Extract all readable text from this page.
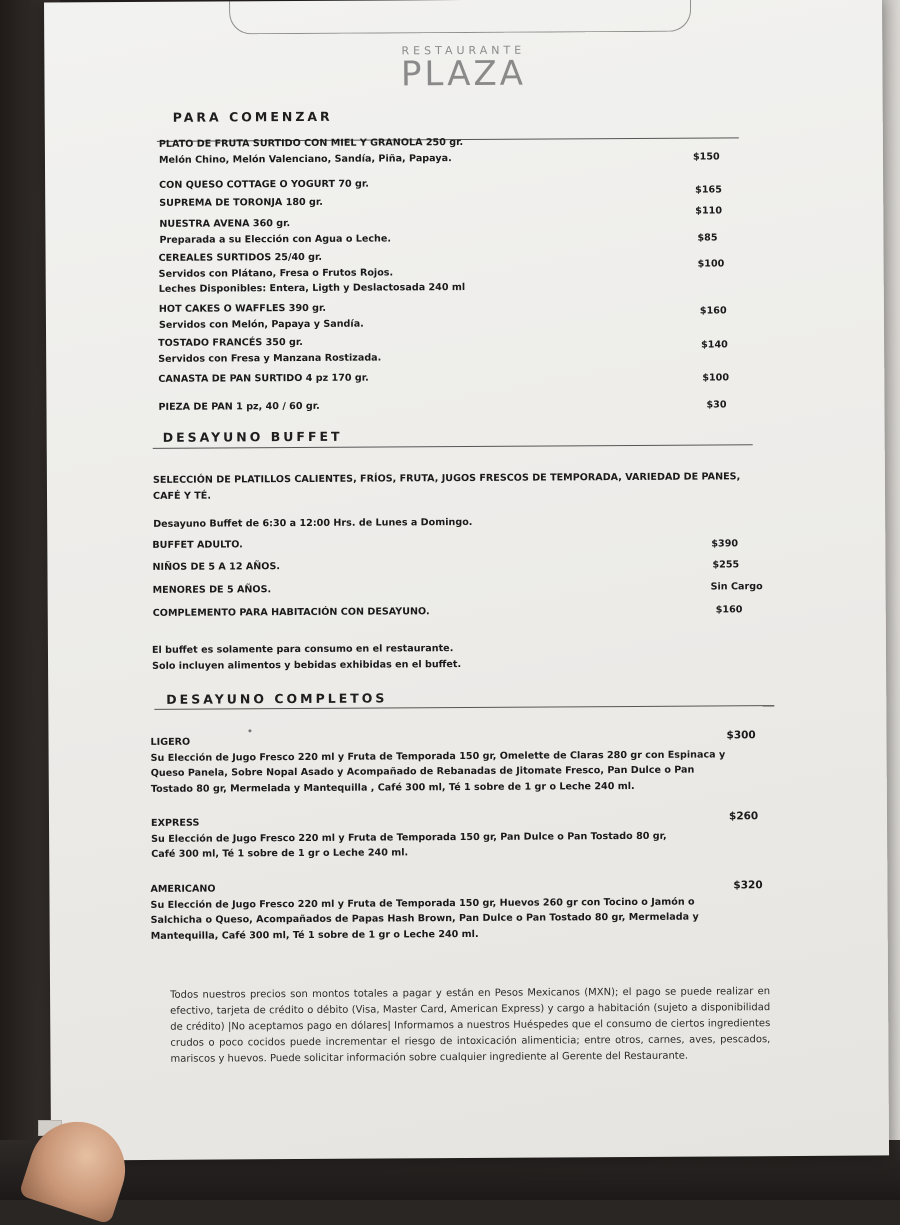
RESTAURANTE
PLAZA
PARA COMENZAR
PLATO DE FRUTA SURTIDO CON MIEL Y GRANOLA 250 gr.
Melón Chino, Melón Valenciano, Sandía, Piña, Papaya.	$150
CON QUESO COTTAGE O YOGURT 70 gr.	$165
SUPREMA DE TORONJA 180 gr.
$110
NUESTRA AVENA 360 gr.
Preparada a su Elección con Agua o Leche.	$85
CEREALES SURTIDOS 25/40 gr.
Servidos con Plátano, Fresa o Frutos Rojos.
Leches Disponibles: Entera, Ligth y Deslactosada 240 ml
$100
HOT CAKES O WAFFLES 390 gr.
Servidos con Melón, Papaya y Sandía.
$160
TOSTADO FRANCÉS 350 gr.
Servidos con Fresa y Manzana Rostizada.
$140
CANASTA DE PAN SURTIDO 4 pz 170 gr.	$100
PIEZA DE PAN 1 pz, 40 / 60 gr.	$30
DESAYUNO BUFFET
SELECCIÓN DE PLATILLOS CALIENTES, FRÍOS, FRUTA, JUGOS FRESCOS DE TEMPORADA, VARIEDAD DE PANES,
CAFÉ Y TÉ.
Desayuno Buffet de 6:30 a 12:00 Hrs. de Lunes a Domingo.
BUFFET ADULTO.	$390
NIÑOS DE 5 A 12 AÑOS.	$255
MENORES DE 5 AÑOS.	Sin Cargo
COMPLEMENTO PARA HABITACIÓN CON DESAYUNO.	$160
El buffet es solamente para consumo en el restaurante.
Solo incluyen alimentos y bebidas exhibidas en el buffet.
DESAYUNO COMPLETOS
LIGERO
Su Elección de Jugo Fresco 220 ml y Fruta de Temporada 150 gr, Omelette de Claras 280 gr con Espinaca y
Queso Panela, Sobre Nopal Asado y Acompañado de Rebanadas de Jitomate Fresco, Pan Dulce o Pan
Tostado 80 gr, Mermelada y Mantequilla , Café 300 ml, Té 1 sobre de 1 gr o Leche 240 ml.
$300
EXPRESS
Su Elección de Jugo Fresco 220 ml y Fruta de Temporada 150 gr, Pan Dulce o Pan Tostado 80 gr,
Café 300 ml, Té 1 sobre de 1 gr o Leche 240 ml.
$260
AMERICANO
Su Elección de Jugo Fresco 220 ml y Fruta de Temporada 150 gr, Huevos 260 gr con Tocino o Jamón o
Salchicha o Queso, Acompañados de Papas Hash Brown, Pan Dulce o Pan Tostado 80 gr, Mermelada y
Mantequilla, Café 300 ml, Té 1 sobre de 1 gr o Leche 240 ml.
$320
Todos nuestros precios son montos totales a pagar y están en Pesos Mexicanos (MXN); el pago se puede realizar en efectivo, tarjeta de crédito o débito (Visa, Master Card, American Express) y cargo a habitación (sujeto a disponibilidad de crédito) |No aceptamos pago en dólares| Informamos a nuestros Huéspedes que el consumo de ciertos ingredientes crudos o poco cocidos puede incrementar el riesgo de intoxicación alimenticia; entre otros, carnes, aves, pescados, mariscos y huevos. Puede solicitar información sobre cualquier ingrediente al Gerente del Restaurante.
